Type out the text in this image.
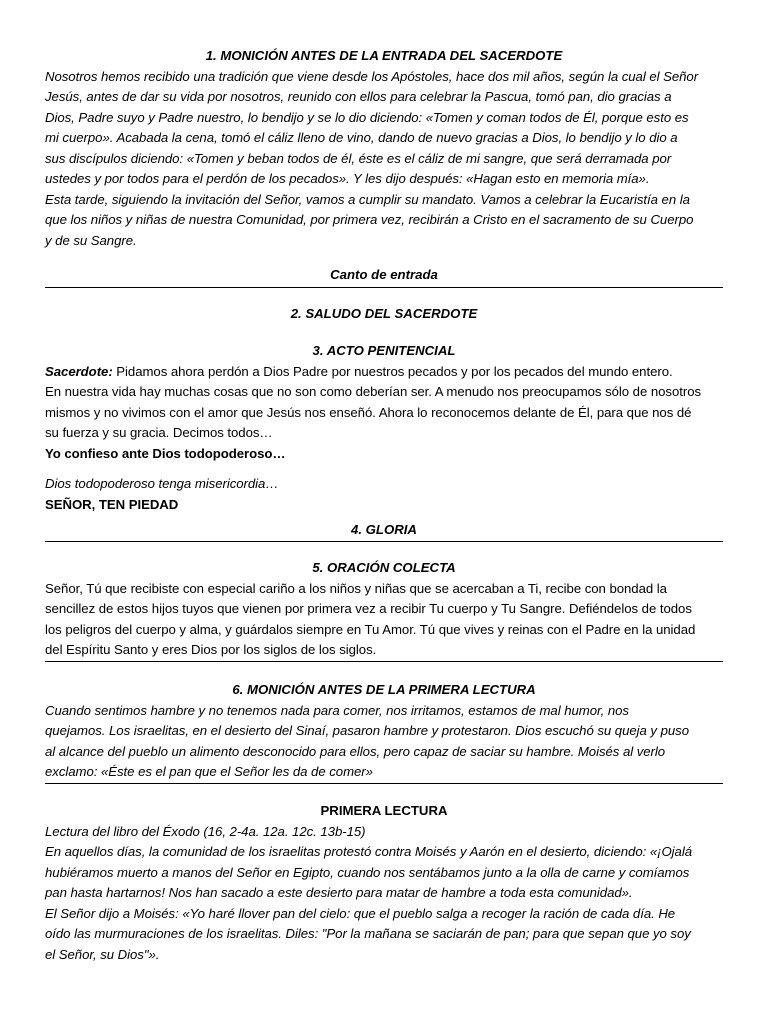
1. MONICIÓN ANTES DE LA ENTRADA DEL SACERDOTE

Nosotros hemos recibido una tradición que viene desde los Apóstoles, hace dos mil años, según la cual el Señor

Jesús, antes de dar su vida por nosotros, reunido con ellos para celebrar la Pascua, tomó pan, dio gracias a

Dios, Padre suyo y Padre nuestro, lo bendijo y se lo dio diciendo: «Tomen y coman todos de Él, porque esto es

mi cuerpo». Acabada la cena, tomó el cáliz lleno de vino, dando de nuevo gracias a Dios, lo bendijo y lo dio a

sus discípulos diciendo: «Tomen y beban todos de él, éste es el cáliz de mi sangre, que será derramada por

ustedes y por todos para el perdón de los pecados». Y les dijo después: «Hagan esto en memoria mía».

Esta tarde, siguiendo la invitación del Señor, vamos a cumplir su mandato. Vamos a celebrar la Eucaristía en la

que los niños y niñas de nuestra Comunidad, por primera vez, recibirán a Cristo en el sacramento de su Cuerpo

y de su Sangre.

Canto de entrada

2. SALUDO DEL SACERDOTE

3. ACTO PENITENCIAL

Sacerdote: Pidamos ahora perdón a Dios Padre por nuestros pecados y por los pecados del mundo entero.

En nuestra vida hay muchas cosas que no son como deberían ser. A menudo nos preocupamos sólo de nosotros

mismos y no vivimos con el amor que Jesús nos enseñó. Ahora lo reconocemos delante de Él, para que nos dé

su fuerza y su gracia. Decimos todos…

Yo confieso ante Dios todopoderoso…

Dios todopoderoso tenga misericordia…

SEÑOR, TEN PIEDAD

4. GLORIA

5. ORACIÓN COLECTA

Señor, Tú que recibiste con especial cariño a los niños y niñas que se acercaban a Ti, recibe con bondad la

sencillez de estos hijos tuyos que vienen por primera vez a recibir Tu cuerpo y Tu Sangre. Defiéndelos de todos

los peligros del cuerpo y alma, y guárdalos siempre en Tu Amor. Tú que vives y reinas con el Padre en la unidad

del Espíritu Santo y eres Dios por los siglos de los siglos.

6. MONICIÓN ANTES DE LA PRIMERA LECTURA

Cuando sentimos hambre y no tenemos nada para comer, nos irritamos, estamos de mal humor, nos

quejamos. Los israelitas, en el desierto del Sinaí, pasaron hambre y protestaron. Dios escuchó su queja y puso

al alcance del pueblo un alimento desconocido para ellos, pero capaz de saciar su hambre. Moisés al verlo

exclamo: «Éste es el pan que el Señor les da de comer»

PRIMERA LECTURA

Lectura del libro del Éxodo (16, 2-4a. 12a. 12c. 13b-15)

En aquellos días, la comunidad de los israelitas protestó contra Moisés y Aarón en el desierto, diciendo: «¡Ojalá

hubiéramos muerto a manos del Señor en Egipto, cuando nos sentábamos junto a la olla de carne y comíamos

pan hasta hartarnos! Nos han sacado a este desierto para matar de hambre a toda esta comunidad».

El Señor dijo a Moisés: «Yo haré llover pan del cielo: que el pueblo salga a recoger la ración de cada día. He

oído las murmuraciones de los israelitas. Diles: "Por la mañana se saciarán de pan; para que sepan que yo soy

el Señor, su Dios"».
